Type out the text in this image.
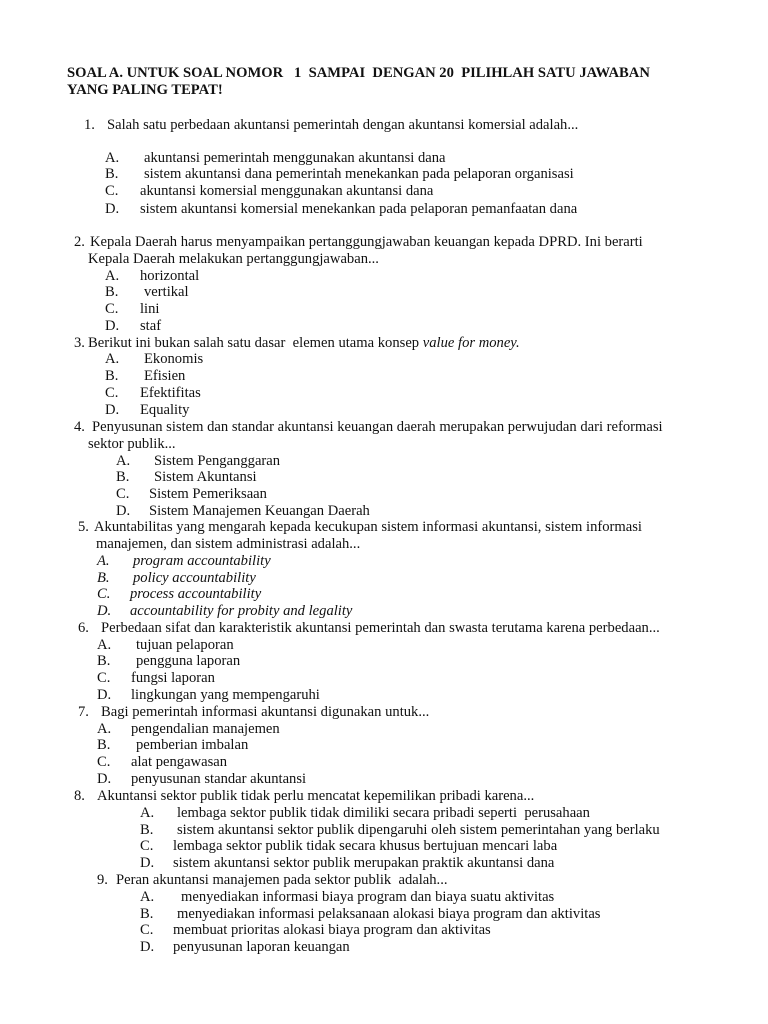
SOAL A. UNTUK SOAL NOMOR   1  SAMPAI  DENGAN 20  PILIHLAH SATU JAWABAN
YANG PALING TEPAT!
1. Salah satu perbedaan akuntansi pemerintah dengan akuntansi komersial adalah...
A. akuntansi pemerintah menggunakan akuntansi dana
B. sistem akuntansi dana pemerintah menekankan pada pelaporan organisasi
C. akuntansi komersial menggunakan akuntansi dana
D. sistem akuntansi komersial menekankan pada pelaporan pemanfaatan dana
2. Kepala Daerah harus menyampaikan pertanggungjawaban keuangan kepada DPRD. Ini berarti
Kepala Daerah melakukan pertanggungjawaban...
A. horizontal
B. vertikal
C. lini
D. staf
3. Berikut ini bukan salah satu dasar  elemen utama konsep value for money.
A. Ekonomis
B. Efisien
C. Efektifitas
D. Equality
4. Penyusunan sistem dan standar akuntansi keuangan daerah merupakan perwujudan dari reformasi
sektor publik...
A. Sistem Penganggaran
B. Sistem Akuntansi
C. Sistem Pemeriksaan
D. Sistem Manajemen Keuangan Daerah
5. Akuntabilitas yang mengarah kepada kecukupan sistem informasi akuntansi, sistem informasi
manajemen, dan sistem administrasi adalah...
A. program accountability
B. policy accountability
C. process accountability
D. accountability for probity and legality
6. Perbedaan sifat dan karakteristik akuntansi pemerintah dan swasta terutama karena perbedaan...
A. tujuan pelaporan
B. pengguna laporan
C. fungsi laporan
D. lingkungan yang mempengaruhi
7. Bagi pemerintah informasi akuntansi digunakan untuk...
A. pengendalian manajemen
B. pemberian imbalan
C. alat pengawasan
D. penyusunan standar akuntansi
8. Akuntansi sektor publik tidak perlu mencatat kepemilikan pribadi karena...
A. lembaga sektor publik tidak dimiliki secara pribadi seperti  perusahaan
B. sistem akuntansi sektor publik dipengaruhi oleh sistem pemerintahan yang berlaku
C. lembaga sektor publik tidak secara khusus bertujuan mencari laba
D. sistem akuntansi sektor publik merupakan praktik akuntansi dana
9. Peran akuntansi manajemen pada sektor publik  adalah...
A. menyediakan informasi biaya program dan biaya suatu aktivitas
B. menyediakan informasi pelaksanaan alokasi biaya program dan aktivitas
C. membuat prioritas alokasi biaya program dan aktivitas
D. penyusunan laporan keuangan
